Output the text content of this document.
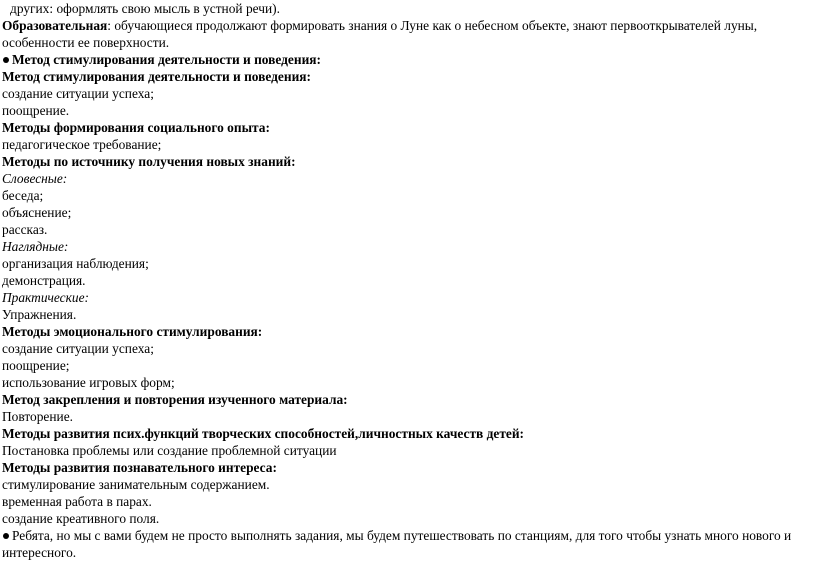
других: оформлять свою мысль в устной речи).
Образовательная: обучающиеся продолжают формировать знания о Луне как о небесном объекте, знают первооткрывателей луны, особенности ее поверхности.
Метод стимулирования деятельности и поведения:
Метод стимулирования деятельности и поведения:
создание ситуации успеха;
поощрение.
Методы формирования социального опыта:
педагогическое требование;
Методы по источнику получения новых знаний:
Словесные:
беседа;
объяснение;
рассказ.
Наглядные:
организация наблюдения;
демонстрация.
Практические:
Упражнения.
Методы эмоционального стимулирования:
создание ситуации успеха;
поощрение;
использование игровых форм;
Метод закрепления и повторения изученного материала:
Повторение.
Методы развития псих.функций творческих способностей,личностных качеств детей:
Постановка проблемы или создание проблемной ситуации
Методы развития познавательного интереса:
стимулирование занимательным содержанием.
временная работа в парах.
создание креативного поля.
Ребята, но мы с вами будем не просто выполнять задания, мы будем путешествовать по станциям, для того чтобы узнать много нового и интересного.
